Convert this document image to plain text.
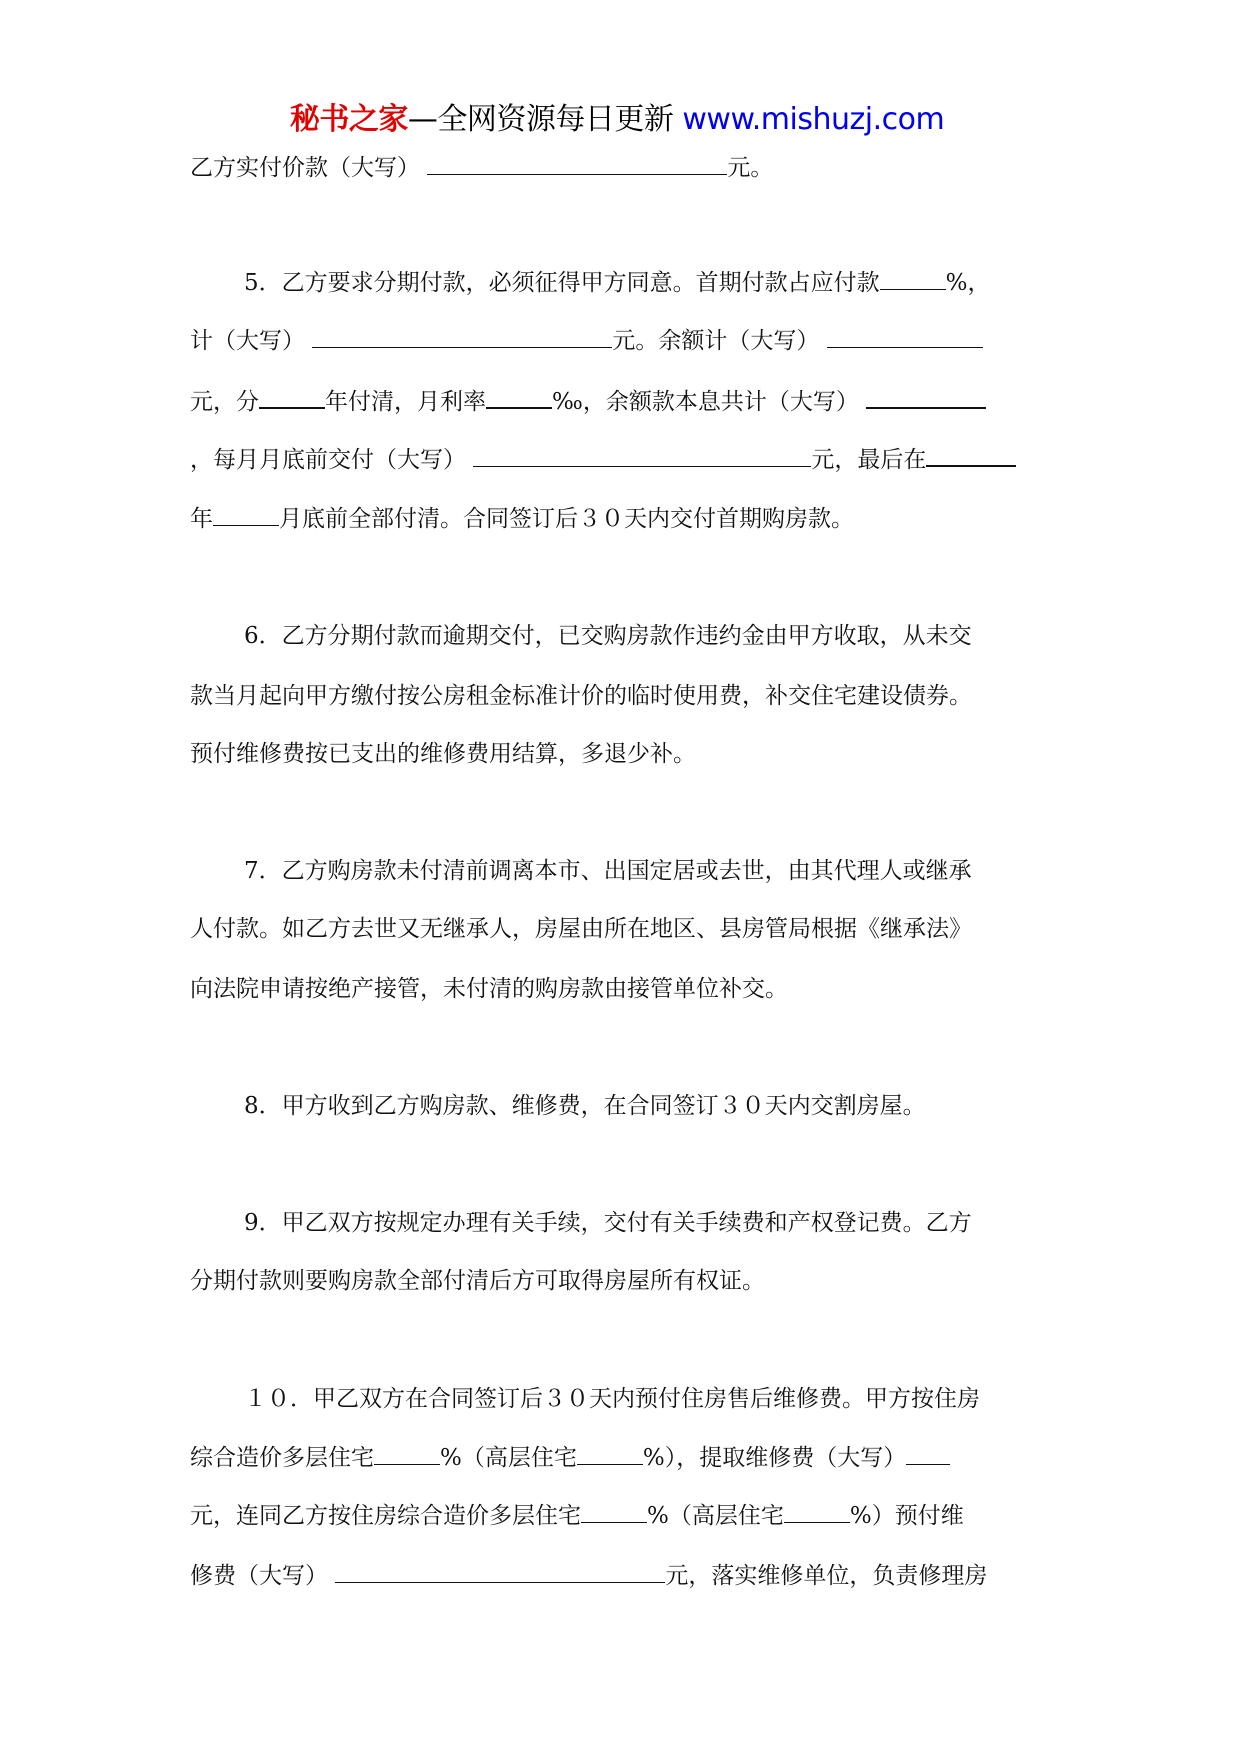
秘书之家—全网资源每日更新 www.mishuzj.com
乙方实付价款（大写）	元。
5．乙方要求分期付款，必须征得甲方同意。首期付款占应付款	%，
计（大写）	元。余额计（大写）
元，分	年付清，月利率	‰，余额款本息共计（大写）
，每月月底前交付（大写）	元，最后在
年	月底前全部付清。合同签订后３０天内交付首期购房款。
6．乙方分期付款而逾期交付，已交购房款作违约金由甲方收取，从未交
款当月起向甲方缴付按公房租金标准计价的临时使用费，补交住宅建设债券。
预付维修费按已支出的维修费用结算，多退少补。
7．乙方购房款未付清前调离本市、出国定居或去世，由其代理人或继承
人付款。如乙方去世又无继承人，房屋由所在地区、县房管局根据《继承法》
向法院申请按绝产接管，未付清的购房款由接管单位补交。
8．甲方收到乙方购房款、维修费，在合同签订３０天内交割房屋。
9．甲乙双方按规定办理有关手续，交付有关手续费和产权登记费。乙方
分期付款则要购房款全部付清后方可取得房屋所有权证。
１０．甲乙双方在合同签订后３０天内预付住房售后维修费。甲方按住房
综合造价多层住宅	%（高层住宅	%），提取维修费（大写）
元，连同乙方按住房综合造价多层住宅	%（高层住宅	%）预付维
修费（大写）	元，落实维修单位，负责修理房
